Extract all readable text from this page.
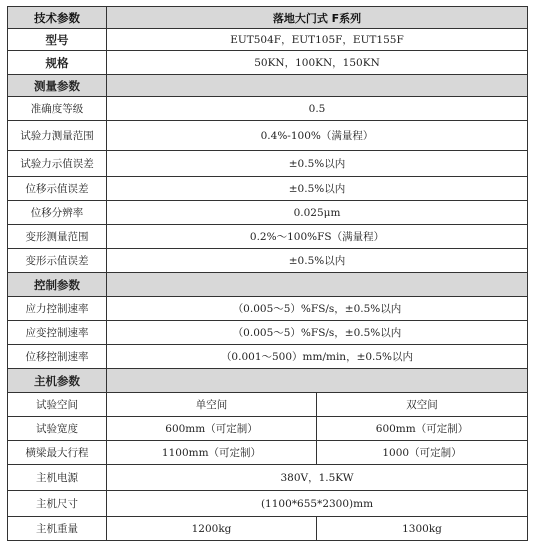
技术参数	落地大门式 F系列	
型号	EUT504F，EUT105F，EUT155F	
规格	50KN，100KN，150KN	
测量参数		
准确度等级	0.5	
试验力测量范围	0.4%-100%（满量程）	
试验力示值误差	±0.5%以内	
位移示值误差	±0.5%以内	
位移分辨率	0.025μm	
变形测量范围	0.2%～100%FS（满量程）	
变形示值误差	±0.5%以内	
控制参数		
应力控制速率	（0.005～5）%FS/s，±0.5%以内	
应变控制速率	（0.005～5）%FS/s，±0.5%以内	
位移控制速率	（0.001～500）mm/min，±0.5%以内	
主机参数		
试验空间	单空间	双空间
试验宽度	600mm（可定制）	600mm（可定制）
横梁最大行程	1100mm（可定制）	1000（可定制）
主机电源	380V，1.5KW	
主机尺寸	(1100*655*2300)mm	
主机重量	1200kg	1300kg
